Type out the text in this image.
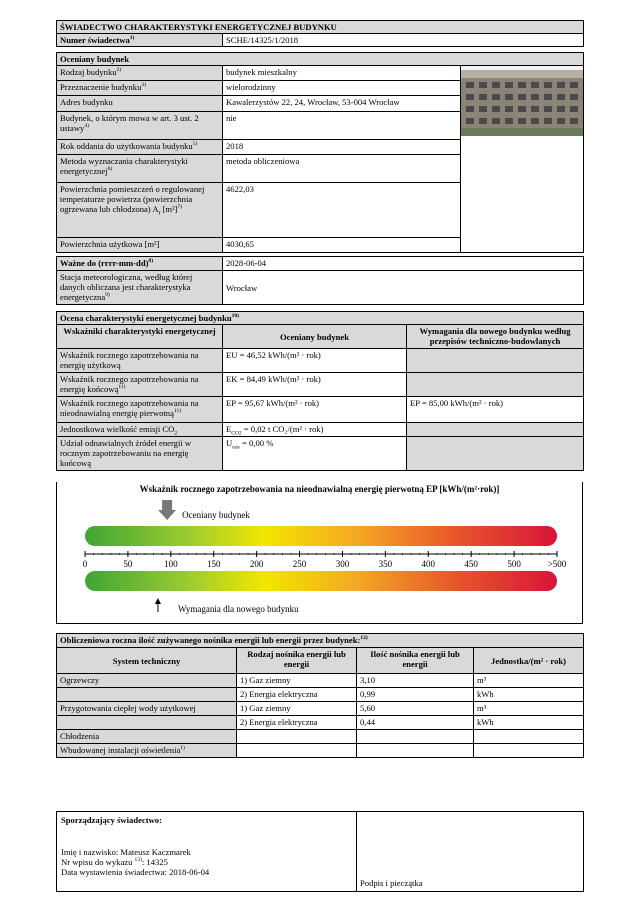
ŚWIADECTWO CHARAKTERYSTYKI ENERGETYCZNEJ BUDYNKU
Numer świadectwa$^{1)}$	SCHE/14325/1/2018
Oceniany budynek		
Rodzaj budynku$^{2)}$	budynek mieszkalny	

Przeznaczenie budynku$^{3)}$	wielorodzinny	
Adres budynku	Kawalerzystów 22, 24, Wrocław, 53-004 Wrocław	
Budynek, o którym mowa w art. 3 ust. 2 ustawy$^{4)}$	nie	
Rok oddania do użytkowania budynku$^{5)}$	2018	
Metoda wyznaczania charakterystyki energetycznej$^{6)}$	metoda obliczeniowa	
Powierzchnia pomieszczeń o regulowanej temperaturze powietrza (powierzchnia ogrzewana lub chłodzona) $A_f$ $[m^2]^{7)}$	4622,03	
Powierzchnia użytkowa [m²]	4030,65	
Ważne do (rrrr-mm-dd)$^{8)}$	2028-06-04
Stacja meteorologiczna, według której danych obliczana jest charakterystyka energetyczna$^{9)}$	Wrocław
Ocena charakterystyki energetycznej budynku$^{10)}$
Wskaźniki charakterystyki energetycznej	Oceniany budynek	Wymagania dla nowego budynku według przepisów techniczno-budowlanych
Wskaźnik rocznego zapotrzebowania na energię użytkową	EU = 46,52 kWh/(m² · rok)	
Wskaźnik rocznego zapotrzebowania na energię końcową$^{11)}$	EK = 84,49 kWh/(m² · rok)	
Wskaźnik rocznego zapotrzebowania na nieodnawialną energię pierwotną$^{11)}$	EP = 95,67 kWh/(m² · rok)	EP = 85,00 kWh/(m² · rok)
Jednostkowa wielkość emisji $CO_2$	$E_{CO2} = 0,02$ t CO₂/(m² · rok)	
Udział odnawialnych źródeł energii w rocznym zapotrzebowaniu na energię końcową	$U_{oze} = 0,00$ %	
Wskaźnik rocznego zapotrzebowania na nieodnawialną energię pierwotną EP [kWh/(m²·rok)]
0	50	100	150	200	250	300	350	400	450	500	>500
Oceniany budynek
Wymagania dla nowego budynku
Obliczeniowa roczna ilość zużywanego nośnika energii lub energii przez budynek:$^{12)}$
System techniczny	Rodzaj nośnika energii lub energii	Ilość nośnika energii lub energii	Jednostka/(m² · rok)
Ogrzewczy	1) Gaz ziemny	3,10	m³
	2) Energia elektryczna	0,99	kWh
Przygotowania ciepłej wody użytkowej	1) Gaz ziemny	5,60	m³
	2) Energia elektryczna	0,44	kWh
Chłodzenia			
Wbudowanej instalacji oświetlenia$^{1)}$			
Sporządzający świadectwo:
Imię i nazwisko: Mateusz Kaczmarek
Nr wpisu do wykazu $^{13)}$: 14325
Data wystawienia świadectwa: 2018-06-04
	Podpis i pieczątka
